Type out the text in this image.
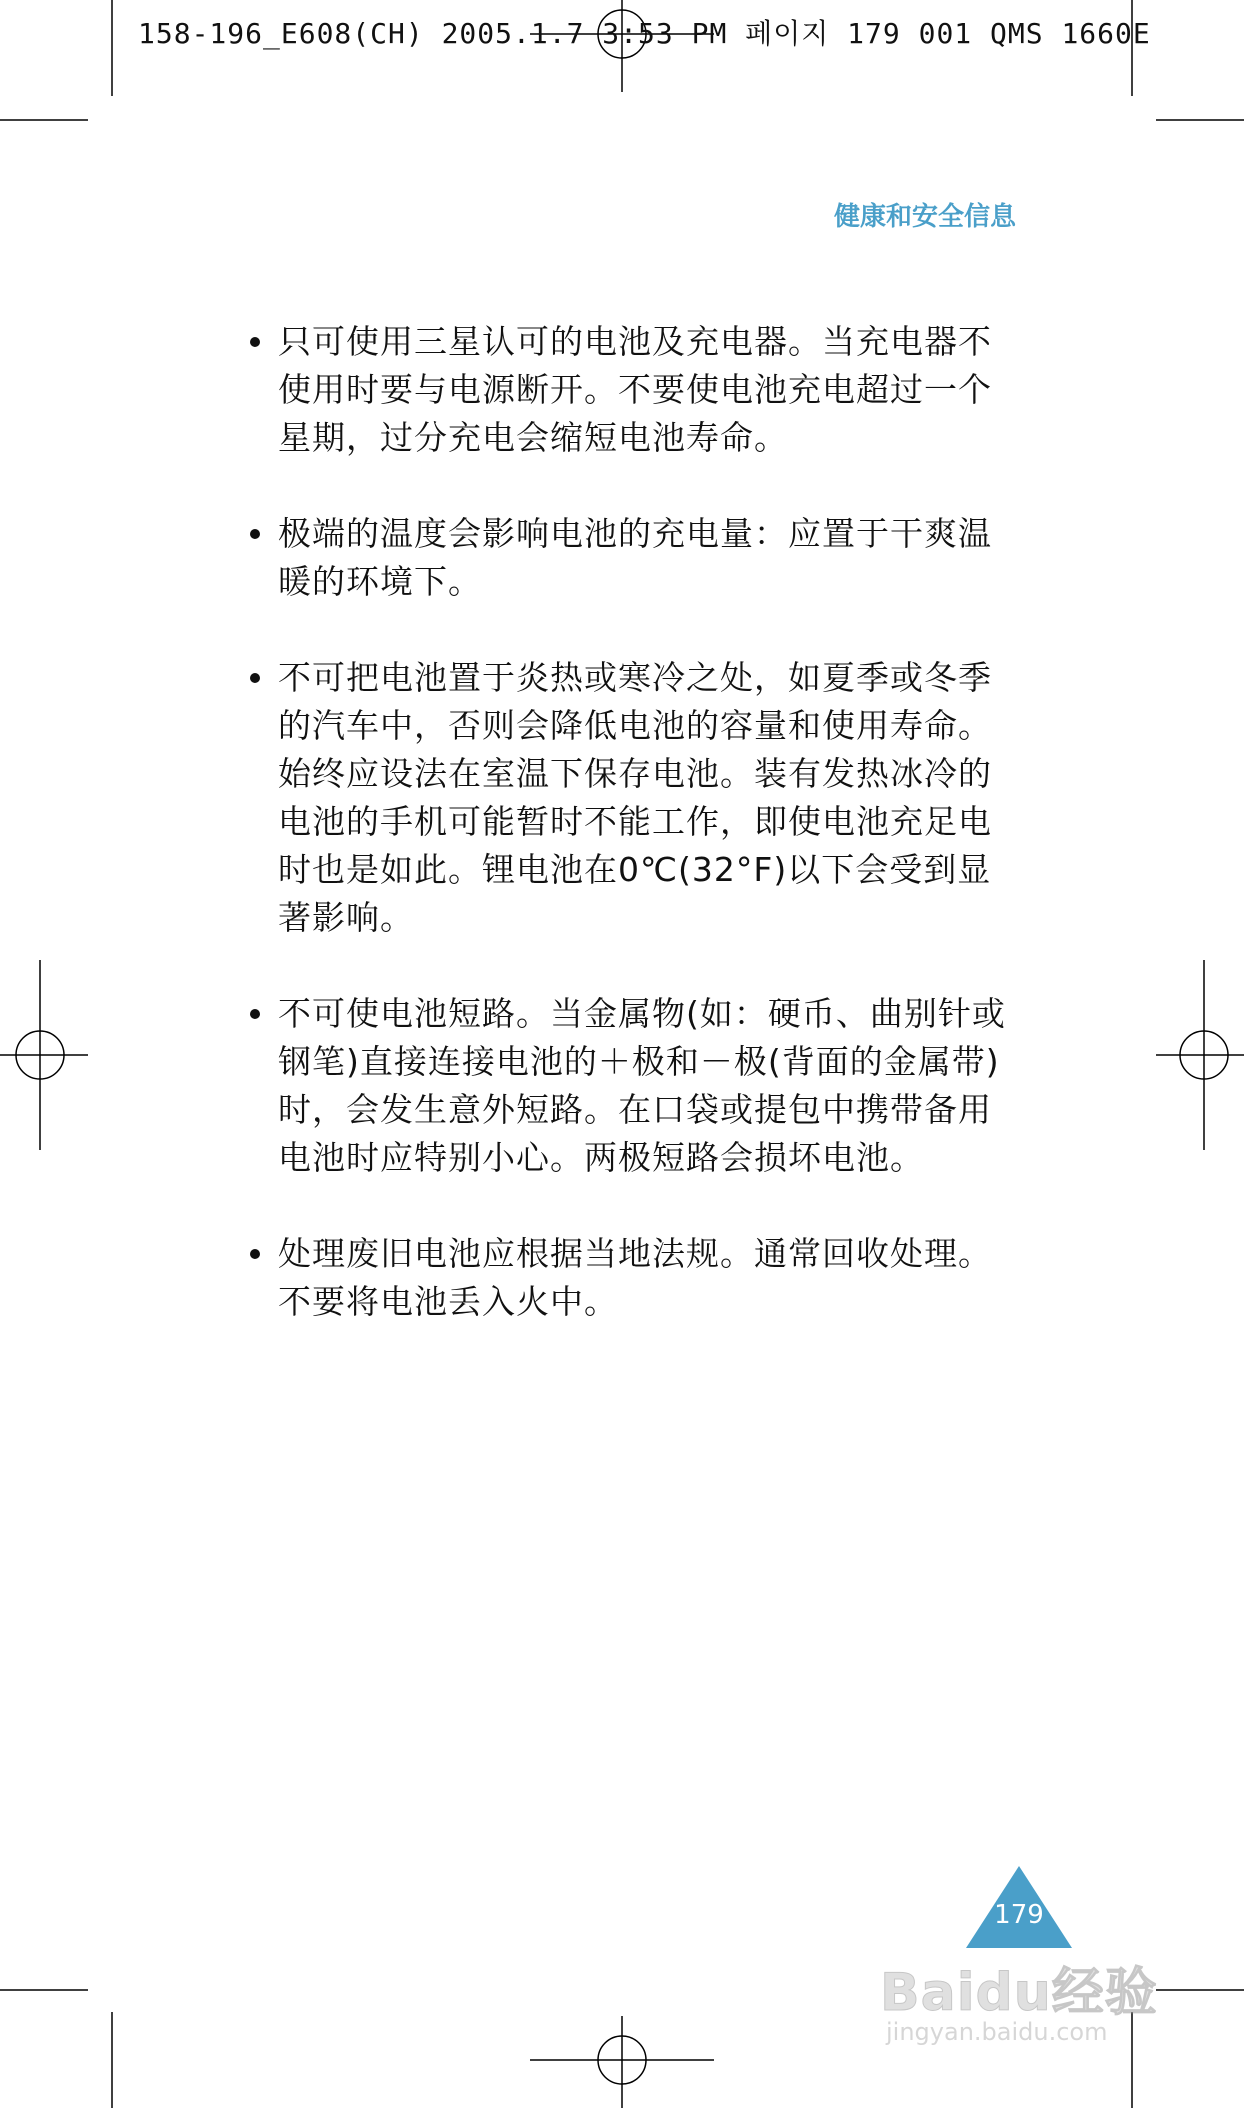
158-196_E608(CH) 2005.1.7 3:53 PM 페이지 179 001 QMS 1660E
健康和安全信息
只可使用三星认可的电池及充电器。当充电器不使用时要与电源断开。不要使电池充电超过一个星期，过分充电会缩短电池寿命。
极端的温度会影响电池的充电量：应置于干爽温暖的环境下。
不可把电池置于炎热或寒冷之处，如夏季或冬季的汽车中，否则会降低电池的容量和使用寿命。始终应设法在室温下保存电池。装有发热冰冷的电池的手机可能暂时不能工作，即使电池充足电时也是如此。锂电池在0℃(32°F)以下会受到显著影响。
不可使电池短路。当金属物(如：硬币、曲别针或钢笔)直接连接电池的＋极和－极(背面的金属带)时，会发生意外短路。在口袋或提包中携带备用电池时应特别小心。两极短路会损坏电池。
处理废旧电池应根据当地法规。通常回收处理。不要将电池丢入火中。
179
Baidu经验
jingyan.baidu.com
